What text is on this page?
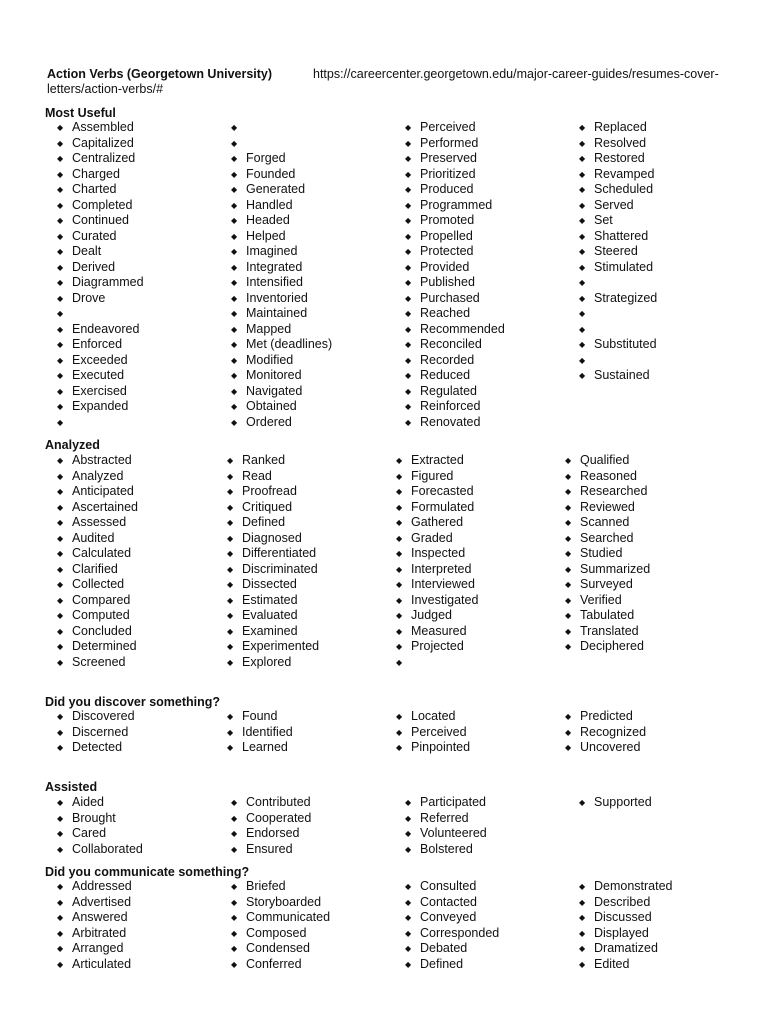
Action Verbs (Georgetown University)	https://careercenter.georgetown.edu/major-career-guides/resumes-cover-
letters/action-verbs/#
Most Useful
◆ Assembled
◆ Capitalized
◆ Centralized
◆ Charged
◆ Charted
◆ Completed
◆ Continued
◆ Curated
◆ Dealt
◆ Derived
◆ Diagrammed
◆ Drove
◆
◆ Endeavored
◆ Enforced
◆ Exceeded
◆ Executed
◆ Exercised
◆ Expanded
◆
◆
◆
◆ Forged
◆ Founded
◆ Generated
◆ Handled
◆ Headed
◆ Helped
◆ Imagined
◆ Integrated
◆ Intensified
◆ Inventoried
◆ Maintained
◆ Mapped
◆ Met (deadlines)
◆ Modified
◆ Monitored
◆ Navigated
◆ Obtained
◆ Ordered
◆ Perceived
◆ Performed
◆ Preserved
◆ Prioritized
◆ Produced
◆ Programmed
◆ Promoted
◆ Propelled
◆ Protected
◆ Provided
◆ Published
◆ Purchased
◆ Reached
◆ Recommended
◆ Reconciled
◆ Recorded
◆ Reduced
◆ Regulated
◆ Reinforced
◆ Renovated
◆ Replaced
◆ Resolved
◆ Restored
◆ Revamped
◆ Scheduled
◆ Served
◆ Set
◆ Shattered
◆ Steered
◆ Stimulated
◆
◆ Strategized
◆
◆
◆ Substituted
◆
◆ Sustained
Analyzed
◆ Abstracted
◆ Analyzed
◆ Anticipated
◆ Ascertained
◆ Assessed
◆ Audited
◆ Calculated
◆ Clarified
◆ Collected
◆ Compared
◆ Computed
◆ Concluded
◆ Determined
◆ Screened
◆ Ranked
◆ Read
◆ Proofread
◆ Critiqued
◆ Defined
◆ Diagnosed
◆ Differentiated
◆ Discriminated
◆ Dissected
◆ Estimated
◆ Evaluated
◆ Examined
◆ Experimented
◆ Explored
◆ Extracted
◆ Figured
◆ Forecasted
◆ Formulated
◆ Gathered
◆ Graded
◆ Inspected
◆ Interpreted
◆ Interviewed
◆ Investigated
◆ Judged
◆ Measured
◆ Projected
◆
◆ Qualified
◆ Reasoned
◆ Researched
◆ Reviewed
◆ Scanned
◆ Searched
◆ Studied
◆ Summarized
◆ Surveyed
◆ Verified
◆ Tabulated
◆ Translated
◆ Deciphered
Did you discover something?
◆ Discovered
◆ Discerned
◆ Detected
◆ Found
◆ Identified
◆ Learned
◆ Located
◆ Perceived
◆ Pinpointed
◆ Predicted
◆ Recognized
◆ Uncovered
Assisted
◆ Aided
◆ Brought
◆ Cared
◆ Collaborated
◆ Contributed
◆ Cooperated
◆ Endorsed
◆ Ensured
◆ Participated
◆ Referred
◆ Volunteered
◆ Bolstered
◆ Supported
Did you communicate something?
◆ Addressed
◆ Advertised
◆ Answered
◆ Arbitrated
◆ Arranged
◆ Articulated
◆ Briefed
◆ Storyboarded
◆ Communicated
◆ Composed
◆ Condensed
◆ Conferred
◆ Consulted
◆ Contacted
◆ Conveyed
◆ Corresponded
◆ Debated
◆ Defined
◆ Demonstrated
◆ Described
◆ Discussed
◆ Displayed
◆ Dramatized
◆ Edited
